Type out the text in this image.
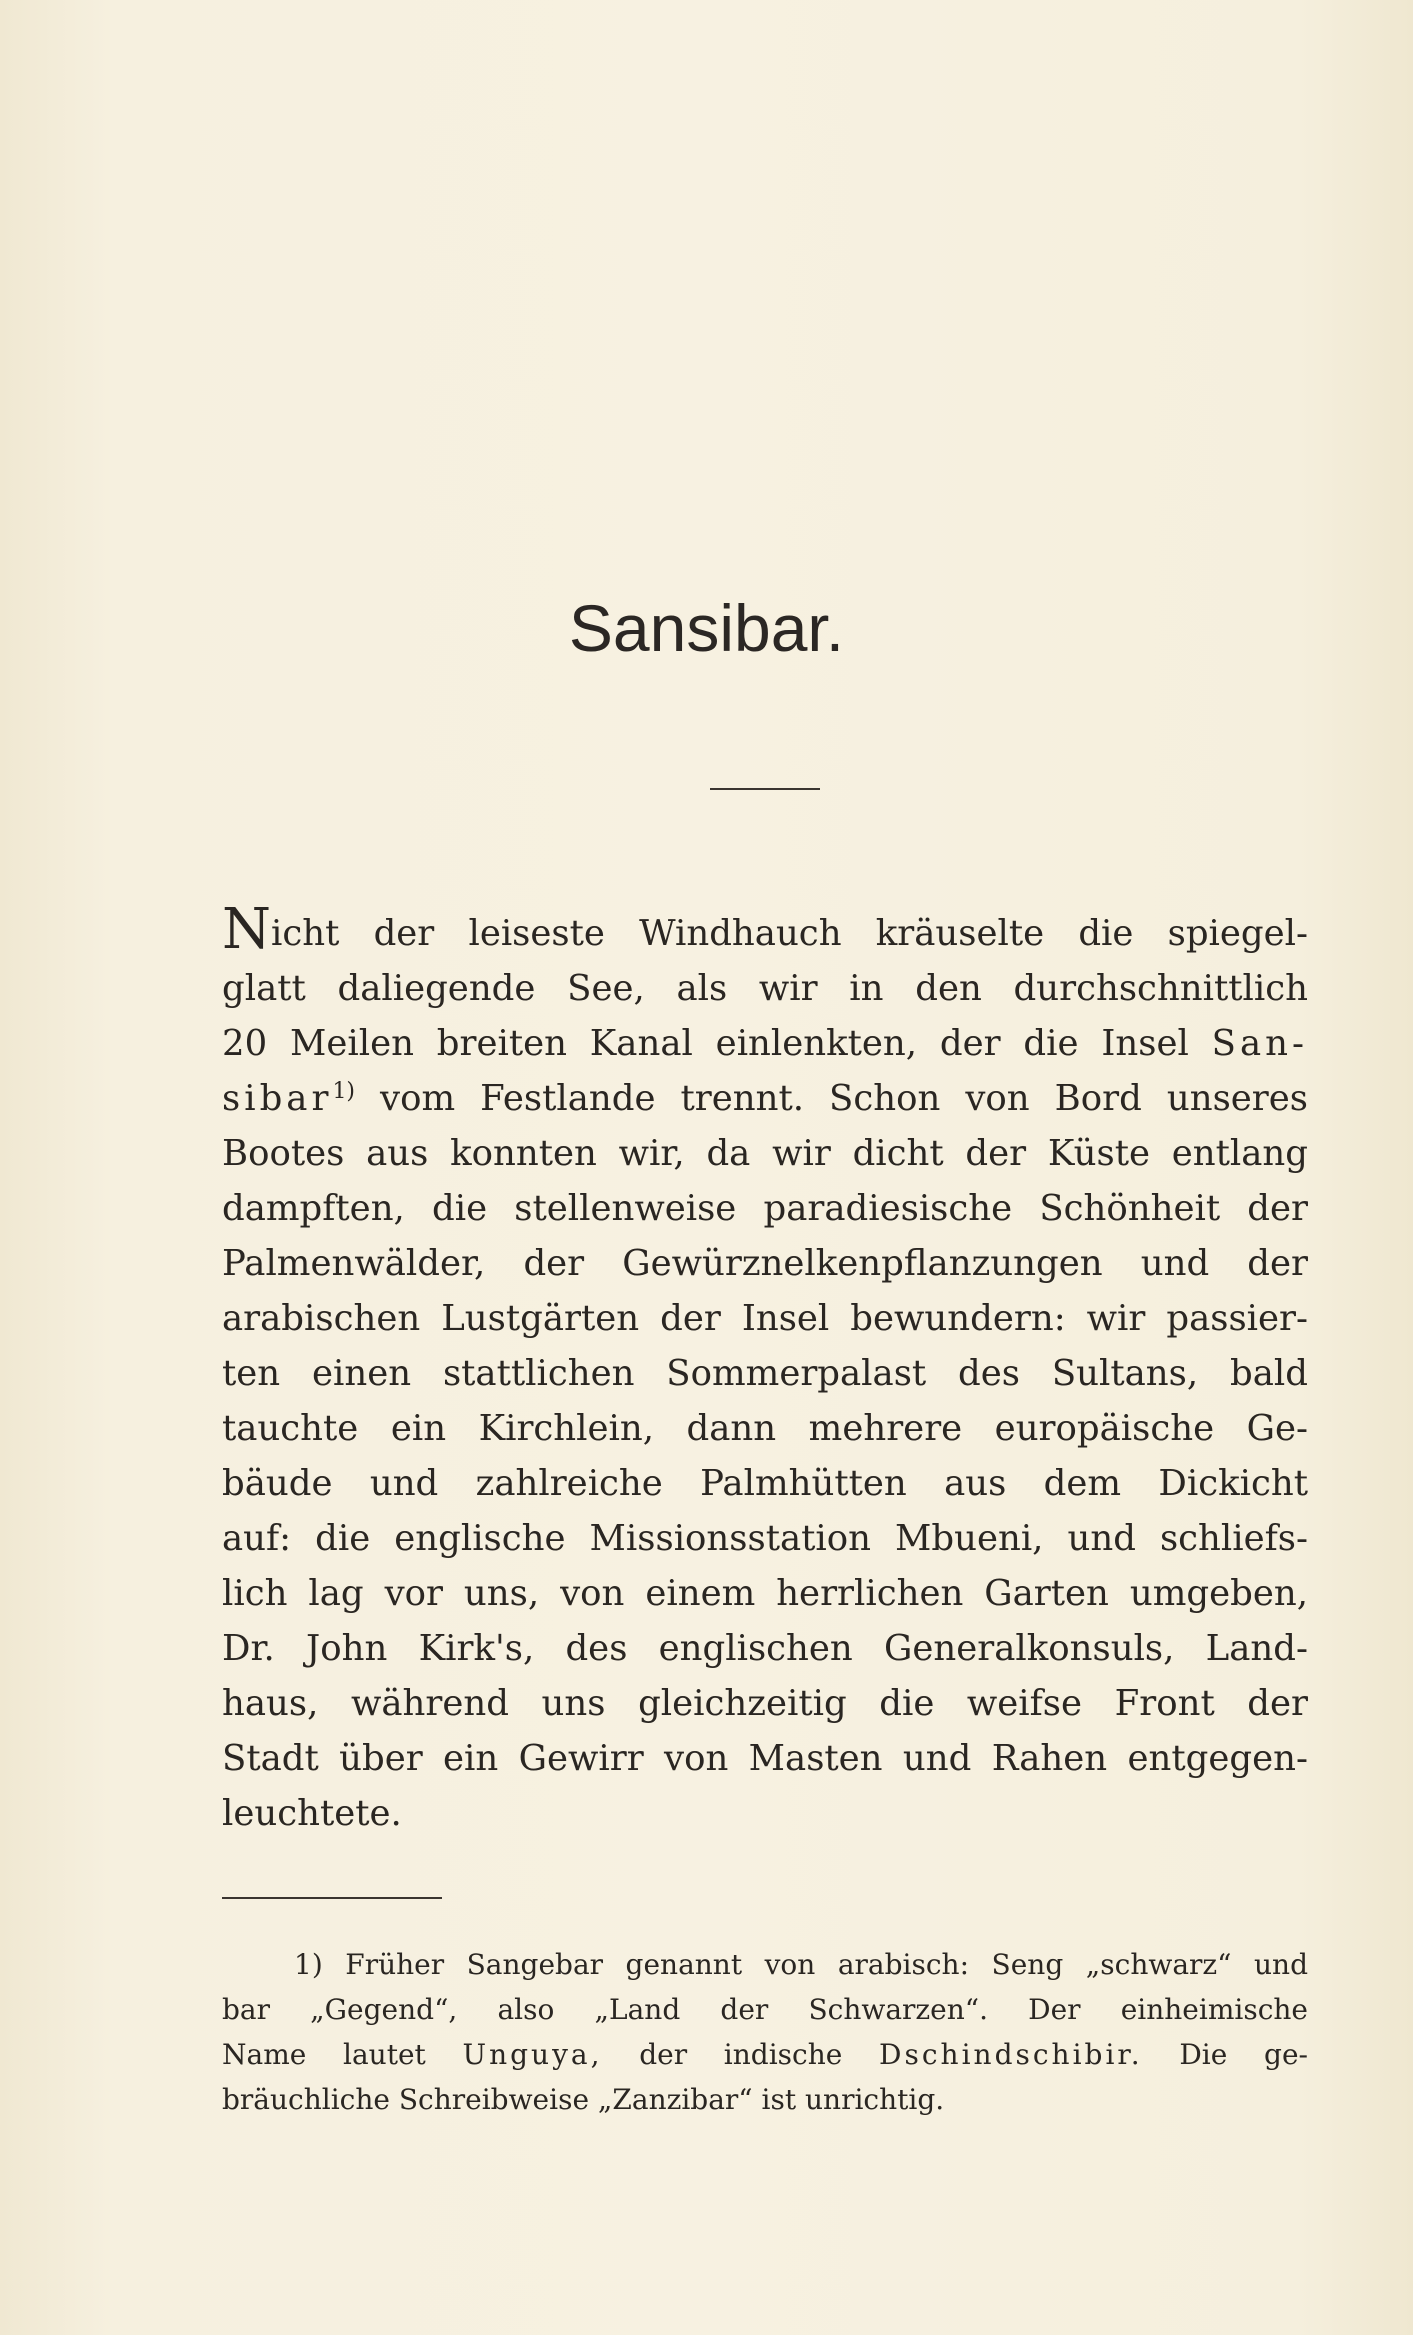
Sansibar.
Nicht der leiseste Windhauch kräuselte die spiegel-
glatt daliegende See, als wir in den durchschnittlich
20 Meilen breiten Kanal einlenkten, der die Insel San-
sibar$^{1)}$ vom Festlande trennt. Schon von Bord unseres
Bootes aus konnten wir, da wir dicht der Küste entlang
dampften, die stellenweise paradiesische Schönheit der
Palmenwälder, der Gewürznelkenpflanzungen und der
arabischen Lustgärten der Insel bewundern: wir passier-
ten einen stattlichen Sommerpalast des Sultans, bald
tauchte ein Kirchlein, dann mehrere europäische Ge-
bäude und zahlreiche Palmhütten aus dem Dickicht
auf: die englische Missionsstation Mbueni, und schliefs-
lich lag vor uns, von einem herrlichen Garten umgeben,
Dr. John Kirk's, des englischen Generalkonsuls, Land-
haus, während uns gleichzeitig die weifse Front der
Stadt über ein Gewirr von Masten und Rahen entgegen-
leuchtete.
1) Früher Sangebar genannt von arabisch: Seng „schwarz“ und
bar „Gegend“, also „Land der Schwarzen“. Der einheimische
Name lautet Unguya, der indische Dschindschibir. Die ge-
bräuchliche Schreibweise „Zanzibar“ ist unrichtig.
